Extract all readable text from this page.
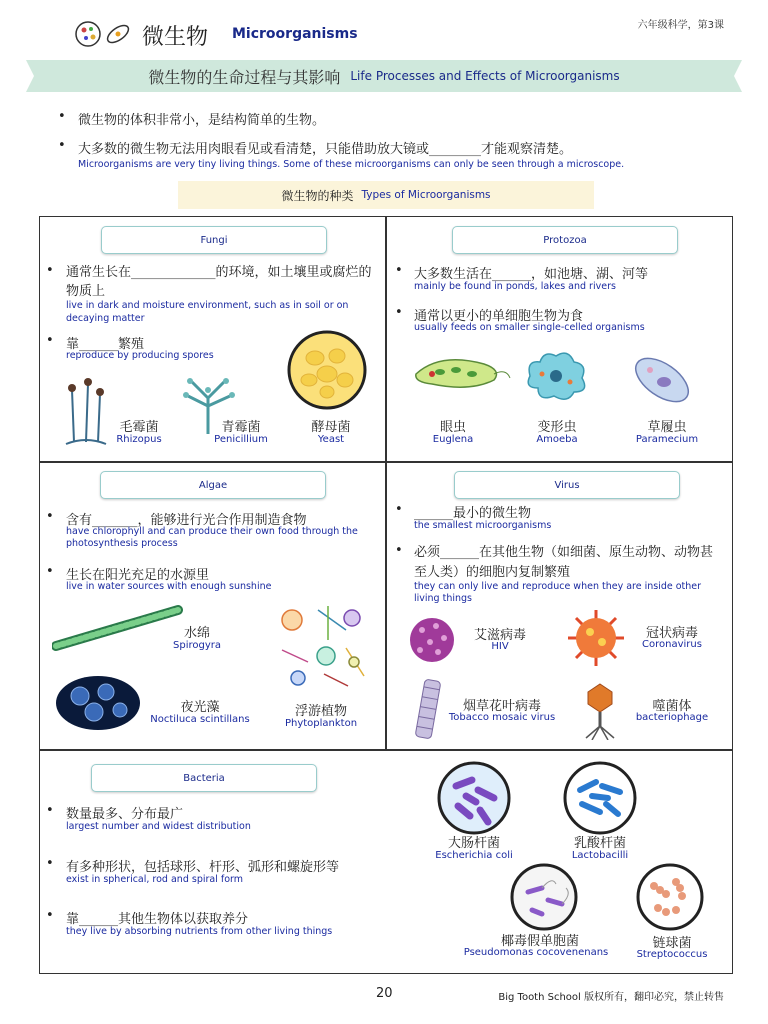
微生物 Microorganisms
六年级科学，第3课
微生物的生命过程与其影响 Life Processes and Effects of Microorganisms
• 微生物的体积非常小，是结构简单的生物。
• 大多数的微生物无法用肉眼看见或看清楚，只能借助放大镜或________才能观察清楚。
Microorganisms are very tiny living things. Some of these microorganisms can only be seen through a microscope.
微生物的种类 Types of Microorganisms
Fungi
• 通常生长在_____________的环境，如土壤里或腐烂的物质上
live in dark and moisture environment, such as in soil or on decaying matter
• 靠______繁殖
reproduce by producing spores
毛霉菌
Rhizopus
青霉菌
Penicillium
酵母菌
Yeast
Protozoa
• 大多数生活在______，如池塘、湖、河等
mainly be found in ponds, lakes and rivers
• 通常以更小的单细胞生物为食
usually feeds on smaller single-celled organisms
眼虫
Euglena
变形虫
Amoeba
草履虫
Paramecium
Algae
• 含有_______，能够进行光合作用制造食物
have chlorophyll and can produce their own food through the photosynthesis process
• 生长在阳光充足的水源里
live in water sources with enough sunshine
水绵
Spirogyra
夜光藻
Noctiluca scintillans
浮游植物
Phytoplankton
Virus
• ______最小的微生物
the smallest microorganisms
• 必须______在其他生物（如细菌、原生动物、动物甚至人类）的细胞内复制繁殖
they can only live and reproduce when they are inside other living things
艾滋病毒
HIV
冠状病毒
Coronavirus
烟草花叶病毒
Tobacco mosaic virus
噬菌体
bacteriophage
Bacteria
• 数量最多、分布最广
largest number and widest distribution
• 有多种形状，包括球形、杆形、弧形和螺旋形等
exist in spherical, rod and spiral form
• 靠______其他生物体以获取养分
they live by absorbing nutrients from other living things
大肠杆菌
Escherichia coli
乳酸杆菌
Lactobacilli
椰毒假单胞菌
Pseudomonas cocovenenans
链球菌
Streptococcus
20	Big Tooth School 版权所有，翻印必究，禁止转售
